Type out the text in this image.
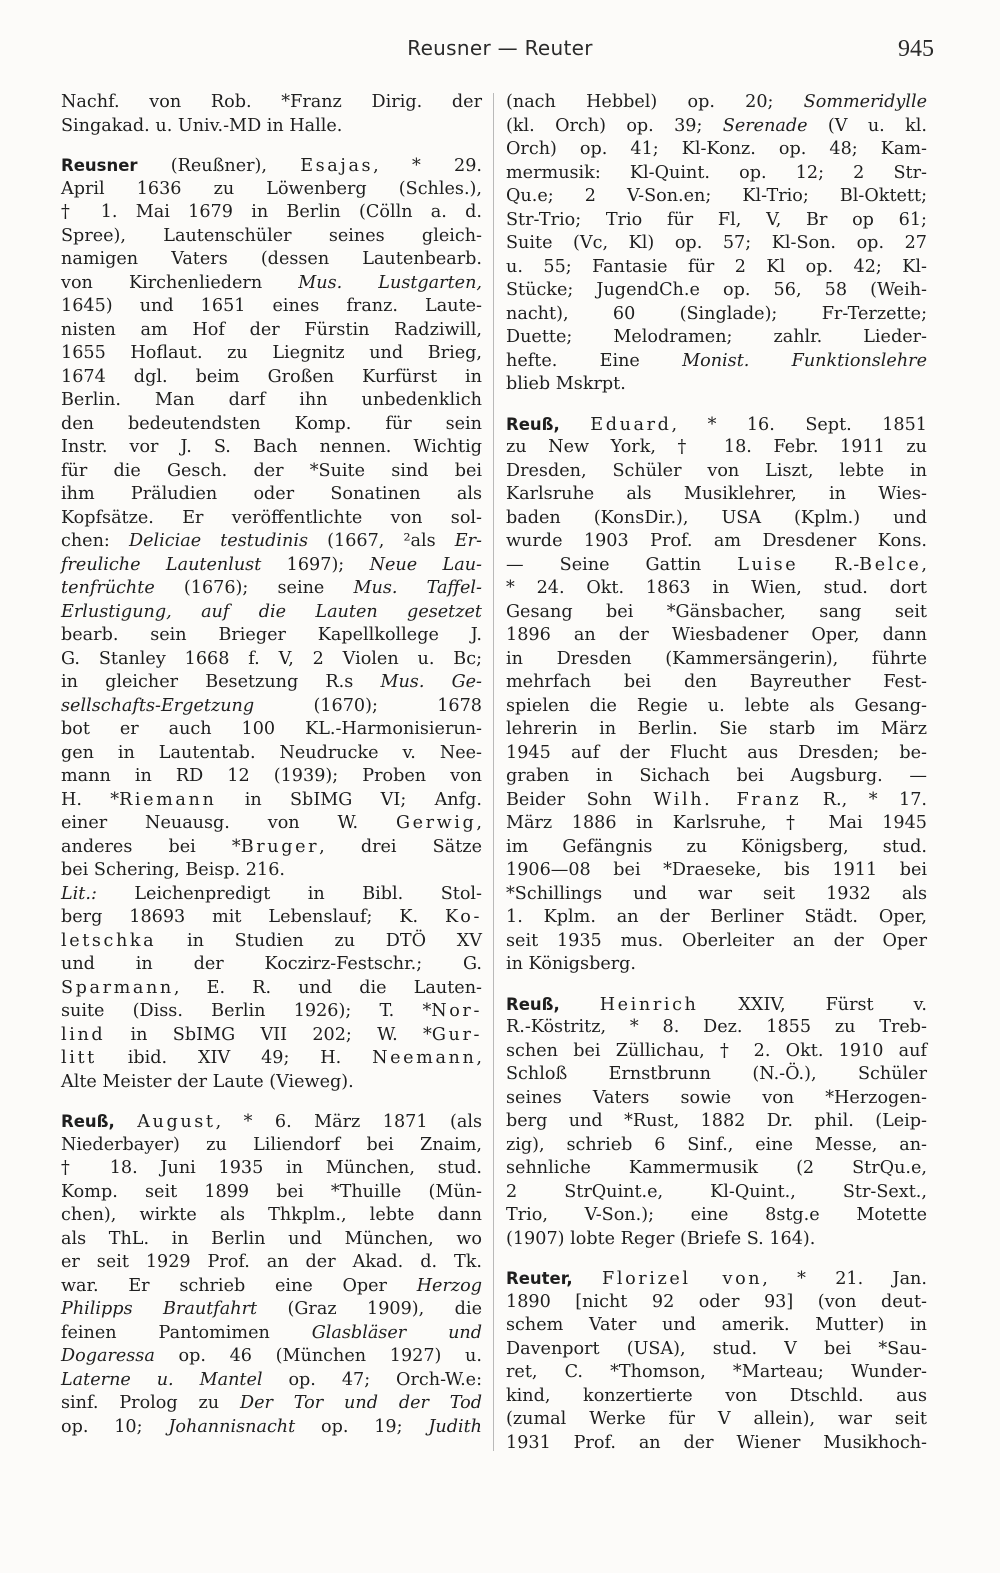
Reusner — Reuter	945
Nachf. von Rob. *Franz Dirig. der
Singakad. u. Univ.-MD in Halle.
Reusner (Reußner), Esajas, * 29.
April 1636 zu Löwenberg (Schles.),
† 1. Mai 1679 in Berlin (Cölln a. d.
Spree), Lautenschüler seines gleich-
namigen Vaters (dessen Lautenbearb.
von Kirchenliedern Mus. Lustgarten,
1645) und 1651 eines franz. Laute-
nisten am Hof der Fürstin Radziwill,
1655 Hoflaut. zu Liegnitz und Brieg,
1674 dgl. beim Großen Kurfürst in
Berlin. Man darf ihn unbedenklich
den bedeutendsten Komp. für sein
Instr. vor J. S. Bach nennen. Wichtig
für die Gesch. der *Suite sind bei
ihm Präludien oder Sonatinen als
Kopfsätze. Er veröffentlichte von sol-
chen: Deliciae testudinis (1667, ²als Er-
freuliche Lautenlust 1697); Neue Lau-
tenfrüchte (1676); seine Mus. Taffel-
Erlustigung, auf die Lauten gesetzet
bearb. sein Brieger Kapellkollege J.
G. Stanley 1668 f. V, 2 Violen u. Bc;
in gleicher Besetzung R.s Mus. Ge-
sellschafts-Ergetzung (1670); 1678
bot er auch 100 KL.-Harmonisierun-
gen in Lautentab. Neudrucke v. Nee-
mann in RD 12 (1939); Proben von
H. *Riemann in SbIMG VI; Anfg.
einer Neuausg. von W. Gerwig,
anderes bei *Bruger, drei Sätze
bei Schering, Beisp. 216.
Lit.: Leichenpredigt in Bibl. Stol-
berg 18693 mit Lebenslauf; K. Ko-
letschka in Studien zu DTÖ XV
und in der Koczirz-Festschr.; G.
Sparmann, E. R. und die Lauten-
suite (Diss. Berlin 1926); T. *Nor-
lind in SbIMG VII 202; W. *Gur-
litt ibid. XIV 49; H. Neemann,
Alte Meister der Laute (Vieweg).
Reuß, August, * 6. März 1871 (als
Niederbayer) zu Liliendorf bei Znaim,
† 18. Juni 1935 in München, stud.
Komp. seit 1899 bei *Thuille (Mün-
chen), wirkte als Thkplm., lebte dann
als ThL. in Berlin und München, wo
er seit 1929 Prof. an der Akad. d. Tk.
war. Er schrieb eine Oper Herzog
Philipps Brautfahrt (Graz 1909), die
feinen Pantomimen Glasbläser und
Dogaressa op. 46 (München 1927) u.
Laterne u. Mantel op. 47; Orch-W.e:
sinf. Prolog zu Der Tor und der Tod
op. 10; Johannisnacht op. 19; Judith
(nach Hebbel) op. 20; Sommeridylle
(kl. Orch) op. 39; Serenade (V u. kl.
Orch) op. 41; Kl-Konz. op. 48; Kam-
mermusik: Kl-Quint. op. 12; 2 Str-
Qu.e; 2 V-Son.en; Kl-Trio; Bl-Oktett;
Str-Trio; Trio für Fl, V, Br op 61;
Suite (Vc, Kl) op. 57; Kl-Son. op. 27
u. 55; Fantasie für 2 Kl op. 42; Kl-
Stücke; JugendCh.e op. 56, 58 (Weih-
nacht), 60 (Singlade); Fr-Terzette;
Duette; Melodramen; zahlr. Lieder-
hefte. Eine Monist. Funktionslehre
blieb Mskrpt.
Reuß, Eduard, * 16. Sept. 1851
zu New York, † 18. Febr. 1911 zu
Dresden, Schüler von Liszt, lebte in
Karlsruhe als Musiklehrer, in Wies-
baden (KonsDir.), USA (Kplm.) und
wurde 1903 Prof. am Dresdener Kons.
— Seine Gattin Luise R.-Belce,
* 24. Okt. 1863 in Wien, stud. dort
Gesang bei *Gänsbacher, sang seit
1896 an der Wiesbadener Oper, dann
in Dresden (Kammersängerin), führte
mehrfach bei den Bayreuther Fest-
spielen die Regie u. lebte als Gesang-
lehrerin in Berlin. Sie starb im März
1945 auf der Flucht aus Dresden; be-
graben in Sichach bei Augsburg. —
Beider Sohn Wilh. Franz R., * 17.
März 1886 in Karlsruhe, † Mai 1945
im Gefängnis zu Königsberg, stud.
1906—08 bei *Draeseke, bis 1911 bei
*Schillings und war seit 1932 als
1. Kplm. an der Berliner Städt. Oper,
seit 1935 mus. Oberleiter an der Oper
in Königsberg.
Reuß, Heinrich XXIV, Fürst v.
R.-Köstritz, * 8. Dez. 1855 zu Treb-
schen bei Züllichau, † 2. Okt. 1910 auf
Schloß Ernstbrunn (N.-Ö.), Schüler
seines Vaters sowie von *Herzogen-
berg und *Rust, 1882 Dr. phil. (Leip-
zig), schrieb 6 Sinf., eine Messe, an-
sehnliche Kammermusik (2 StrQu.e,
2 StrQuint.e, Kl-Quint., Str-Sext.,
Trio, V-Son.); eine 8stg.e Motette
(1907) lobte Reger (Briefe S. 164).
Reuter, Florizel von, * 21. Jan.
1890 [nicht 92 oder 93] (von deut-
schem Vater und amerik. Mutter) in
Davenport (USA), stud. V bei *Sau-
ret, C. *Thomson, *Marteau; Wunder-
kind, konzertierte von Dtschld. aus
(zumal Werke für V allein), war seit
1931 Prof. an der Wiener Musikhoch-
